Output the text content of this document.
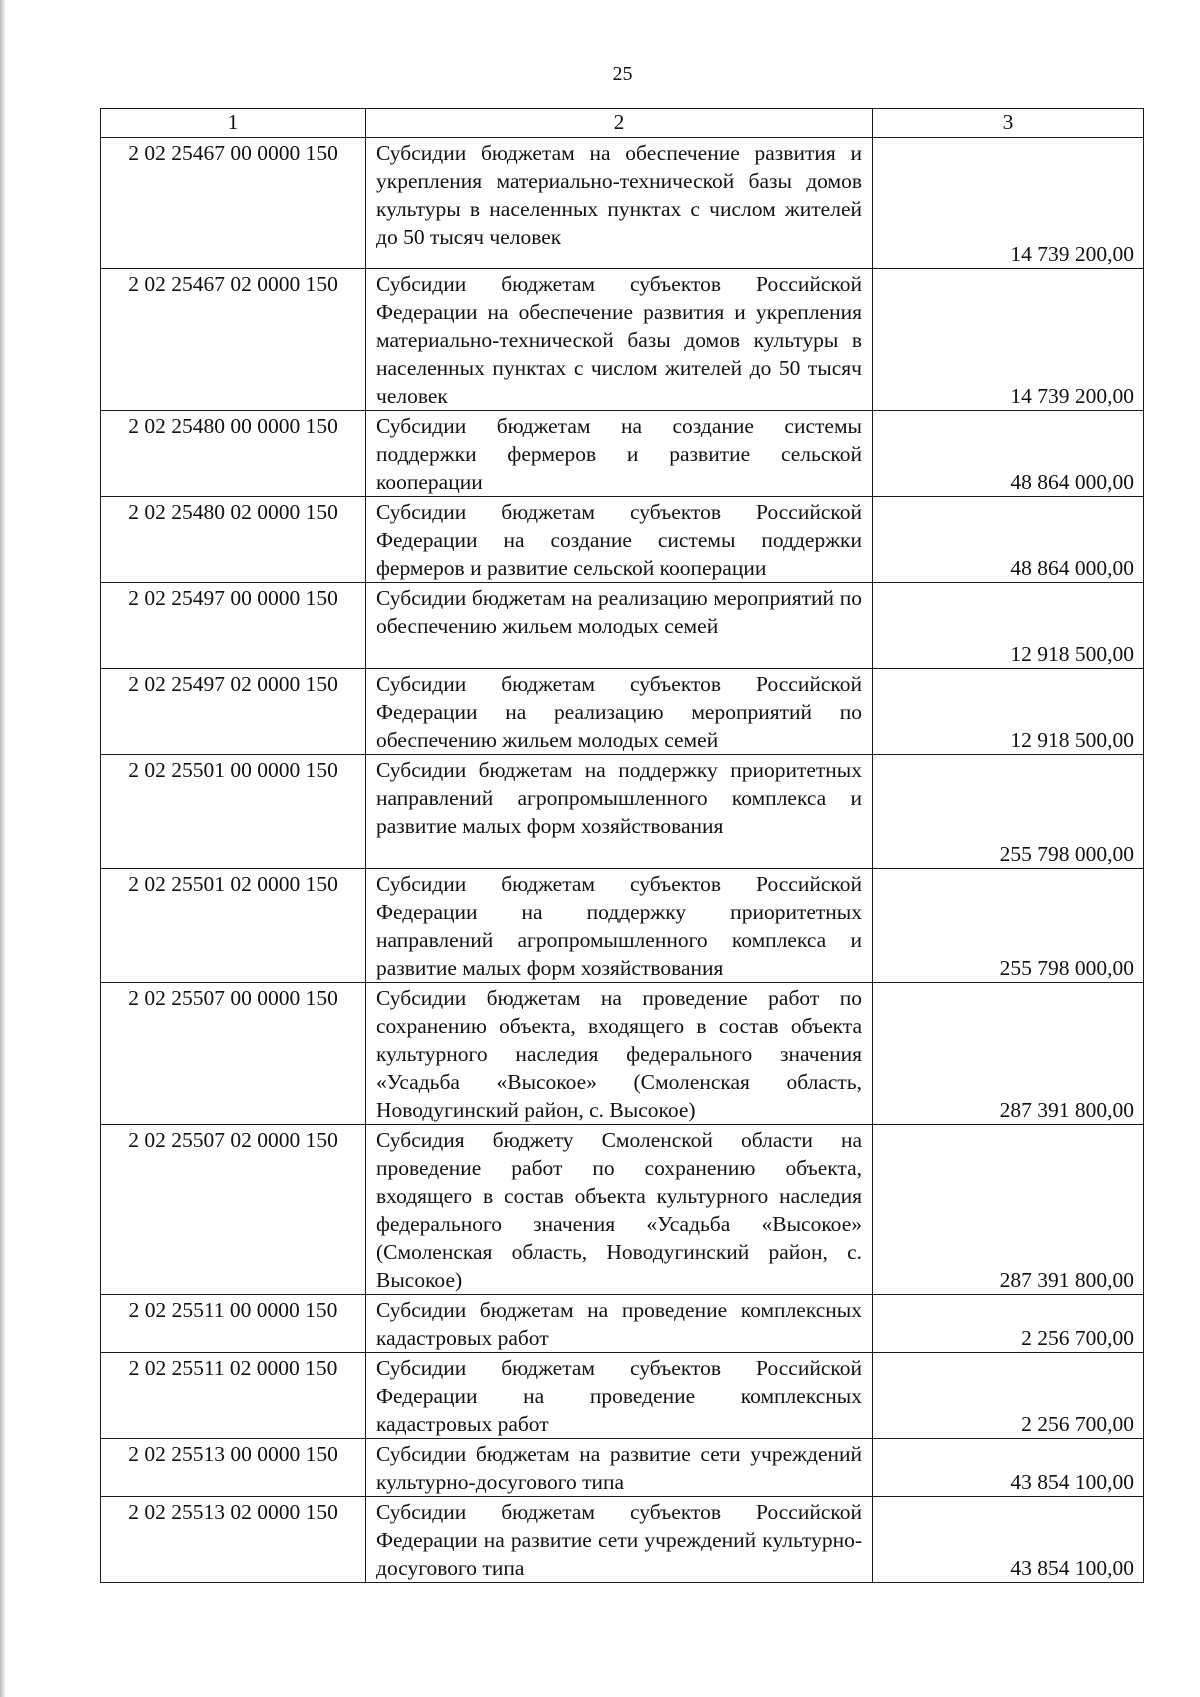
25
1	2	3
2 02 25467 00 0000 150	Субсидии бюджетам на обеспечение развития и укрепления материально-технической базы домов культуры в населенных пунктах с числом жителей до 50 тысяч человек	14 739 200,00
2 02 25467 02 0000 150	Субсидии бюджетам субъектов Российской Федерации на обеспечение развития и укрепления материально-технической базы домов культуры в населенных пунктах с числом жителей до 50 тысяч человек	14 739 200,00
2 02 25480 00 0000 150	Субсидии бюджетам на создание системы поддержки фермеров и развитие сельской кооперации	48 864 000,00
2 02 25480 02 0000 150	Субсидии бюджетам субъектов Российской Федерации на создание системы поддержки фермеров и развитие сельской кооперации	48 864 000,00
2 02 25497 00 0000 150	Субсидии бюджетам на реализацию мероприятий по обеспечению жильем молодых семей	12 918 500,00
2 02 25497 02 0000 150	Субсидии бюджетам субъектов Российской Федерации на реализацию мероприятий по обеспечению жильем молодых семей	12 918 500,00
2 02 25501 00 0000 150	Субсидии бюджетам на поддержку приоритетных направлений агропромышленного комплекса и развитие малых форм хозяйствования	255 798 000,00
2 02 25501 02 0000 150	Субсидии бюджетам субъектов Российской Федерации на поддержку приоритетных направлений агропромышленного комплекса и развитие малых форм хозяйствования	255 798 000,00
2 02 25507 00 0000 150	Субсидии бюджетам на проведение работ по сохранению объекта, входящего в состав объекта культурного наследия федерального значения «Усадьба «Высокое» (Смоленская область, Новодугинский район, с. Высокое)	287 391 800,00
2 02 25507 02 0000 150	Субсидия бюджету Смоленской области на проведение работ по сохранению объекта, входящего в состав объекта культурного наследия федерального значения «Усадьба «Высокое» (Смоленская область, Новодугинский район, с. Высокое)	287 391 800,00
2 02 25511 00 0000 150	Субсидии бюджетам на проведение комплексных кадастровых работ	2 256 700,00
2 02 25511 02 0000 150	Субсидии бюджетам субъектов Российской Федерации на проведение комплексных кадастровых работ	2 256 700,00
2 02 25513 00 0000 150	Субсидии бюджетам на развитие сети учреждений культурно-досугового типа	43 854 100,00
2 02 25513 02 0000 150	Субсидии бюджетам субъектов Российской Федерации на развитие сети учреждений культурно-досугового типа	43 854 100,00
